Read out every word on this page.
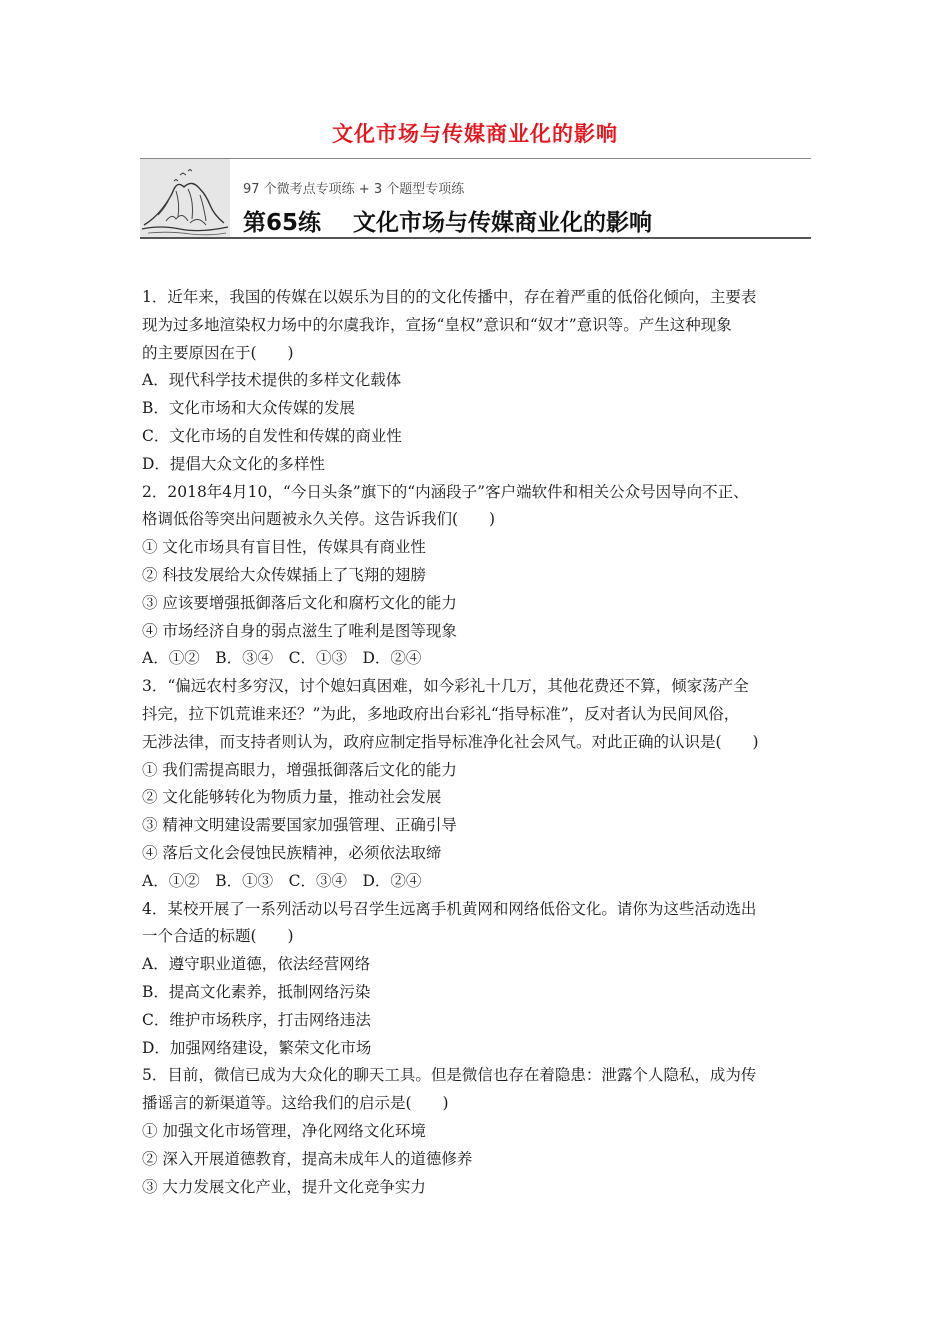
文化市场与传媒商业化的影响
97 个微考点专项练 + 3 个题型专项练
第65练    文化市场与传媒商业化的影响
1．近年来，我国的传媒在以娱乐为目的的文化传播中，存在着严重的低俗化倾向，主要表
现为过多地渲染权力场中的尔虞我诈，宣扬“皇权”意识和“奴才”意识等。产生这种现象
的主要原因在于(　　)
A．现代科学技术提供的多样文化载体
B．文化市场和大众传媒的发展
C．文化市场的自发性和传媒的商业性
D．提倡大众文化的多样性
2．2018年4月10，“今日头条”旗下的“内涵段子”客户端软件和相关公众号因导向不正、
格调低俗等突出问题被永久关停。这告诉我们(　　)
① 文化市场具有盲目性，传媒具有商业性
② 科技发展给大众传媒插上了飞翔的翅膀
③ 应该要增强抵御落后文化和腐朽文化的能力
④ 市场经济自身的弱点滋生了唯利是图等现象
A．①②　B．③④　C．①③　D．②④
3．“偏远农村多穷汉，讨个媳妇真困难，如今彩礼十几万，其他花费还不算，倾家荡产全
抖完，拉下饥荒谁来还？”为此，多地政府出台彩礼“指导标准”，反对者认为民间风俗，
无涉法律，而支持者则认为，政府应制定指导标准净化社会风气。对此正确的认识是(　　)
① 我们需提高眼力，增强抵御落后文化的能力
② 文化能够转化为物质力量，推动社会发展
③ 精神文明建设需要国家加强管理、正确引导
④ 落后文化会侵蚀民族精神，必须依法取缔
A．①②　B．①③　C．③④　D．②④
4．某校开展了一系列活动以号召学生远离手机黄网和网络低俗文化。请你为这些活动选出
一个合适的标题(　　)
A．遵守职业道德，依法经营网络
B．提高文化素养，抵制网络污染
C．维护市场秩序，打击网络违法
D．加强网络建设，繁荣文化市场
5．目前，微信已成为大众化的聊天工具。但是微信也存在着隐患：泄露个人隐私，成为传
播谣言的新渠道等。这给我们的启示是(　　)
① 加强文化市场管理，净化网络文化环境
② 深入开展道德教育，提高未成年人的道德修养
③ 大力发展文化产业，提升文化竞争实力
